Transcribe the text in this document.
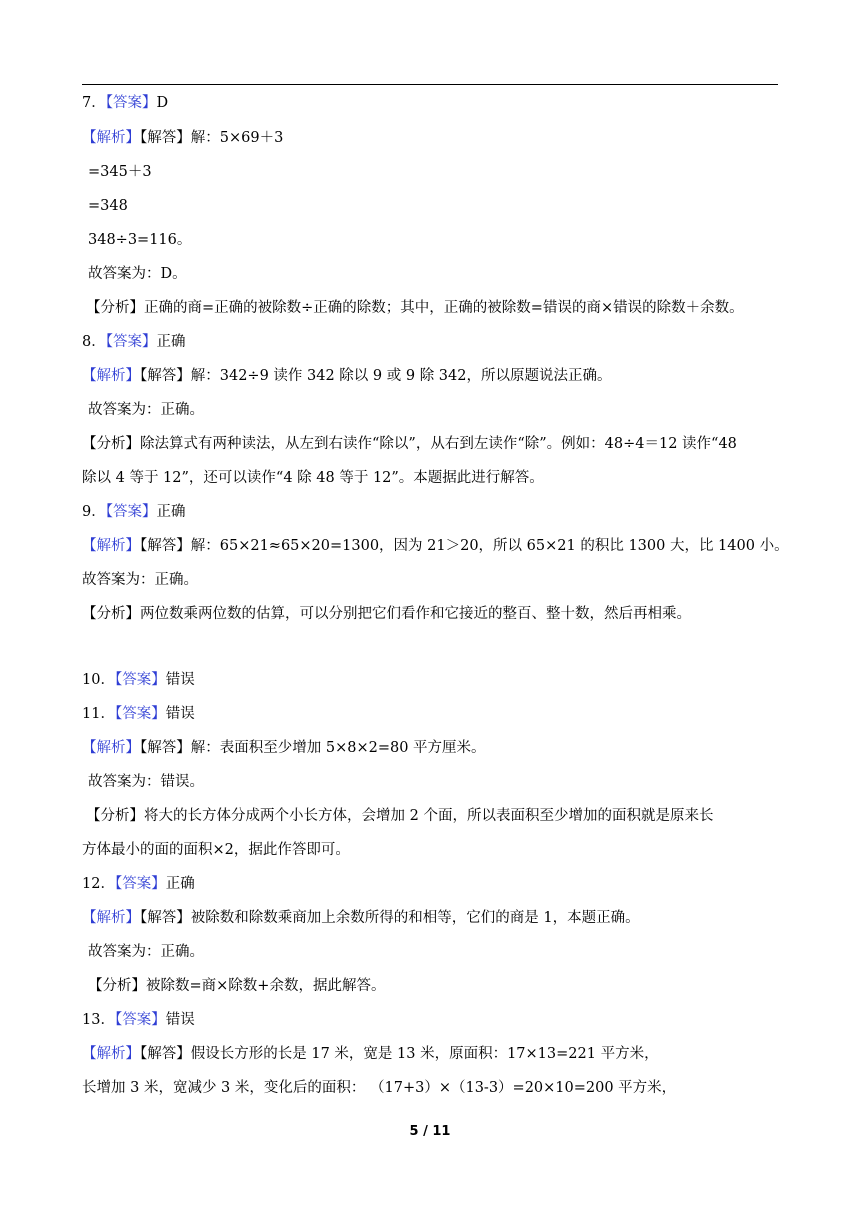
7．【答案】D
【解析】【解答】解：5×69＋3
=345＋3
=348
348÷3=116。
故答案为：D。
【分析】正确的商=正确的被除数÷正确的除数；其中，正确的被除数=错误的商×错误的除数＋余数。
8．【答案】正确
【解析】【解答】解：342÷9 读作 342 除以 9 或 9 除 342，所以原题说法正确。
故答案为：正确。
【分析】除法算式有两种读法，从左到右读作“除以”，从右到左读作“除”。例如：48÷4＝12 读作“48
除以 4 等于 12”，还可以读作“4 除 48 等于 12”。本题据此进行解答。
9．【答案】正确
【解析】【解答】解：65×21≈65×20=1300，因为 21＞20，所以 65×21 的积比 1300 大，比 1400 小。
故答案为：正确。
【分析】两位数乘两位数的估算，可以分别把它们看作和它接近的整百、整十数，然后再相乘。
10．【答案】错误
11．【答案】错误
【解析】【解答】解：表面积至少增加 5×8×2=80 平方厘米。
故答案为：错误。
【分析】将大的长方体分成两个小长方体，会增加 2 个面，所以表面积至少增加的面积就是原来长
方体最小的面的面积×2，据此作答即可。
12．【答案】正确
【解析】【解答】被除数和除数乘商加上余数所得的和相等，它们的商是 1，本题正确。
故答案为：正确。
【分析】被除数=商×除数+余数，据此解答。
13．【答案】错误
【解析】【解答】假设长方形的长是 17 米，宽是 13 米，原面积：17×13=221 平方米，
长增加 3 米，宽减少 3 米，变化后的面积： （17+3）×（13-3）=20×10=200 平方米，
5 / 11
